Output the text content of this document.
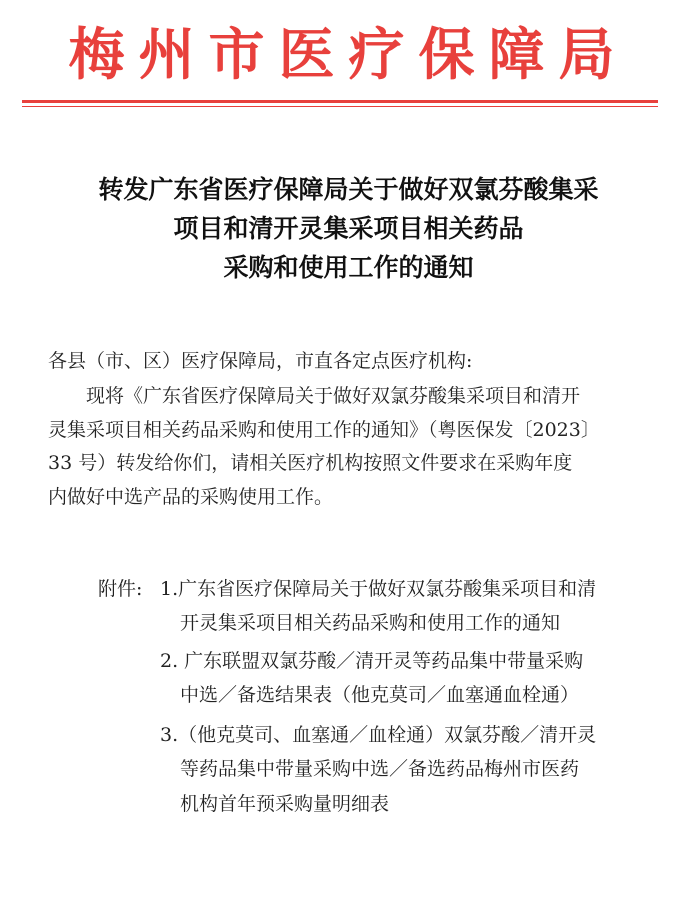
梅州市医疗保障局
转发广东省医疗保障局关于做好双氯芬酸集采
项目和清开灵集采项目相关药品
采购和使用工作的通知
各县（市、区）医疗保障局，市直各定点医疗机构:
现将《广东省医疗保障局关于做好双氯芬酸集采项目和清开
灵集采项目相关药品采购和使用工作的通知》（粤医保发〔2023〕
33 号）转发给你们，请相关医疗机构按照文件要求在采购年度
内做好中选产品的采购使用工作。
附件: 1.广东省医疗保障局关于做好双氯芬酸集采项目和清
开灵集采项目相关药品采购和使用工作的通知
2. 广东联盟双氯芬酸／清开灵等药品集中带量采购
中选／备选结果表（他克莫司／血塞通血栓通）
3.（他克莫司、血塞通／血栓通）双氯芬酸／清开灵
等药品集中带量采购中选／备选药品梅州市医药
机构首年预采购量明细表
